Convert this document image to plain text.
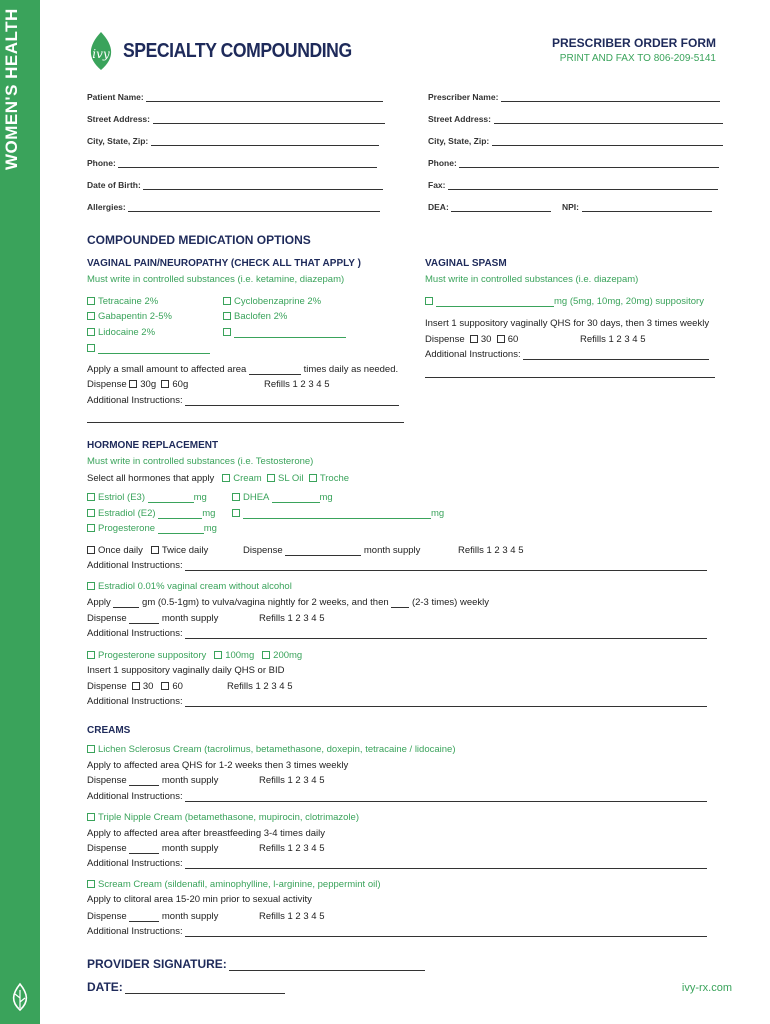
WOMEN'S HEALTH	ivy SPECIALTY COMPOUNDING	PRESCRIBER ORDER FORM
PRINT AND FAX TO 806-209-5141
Patient Name:
Street Address:
City, State, Zip:
Phone:
Date of Birth:
Allergies:
Prescriber Name:
Street Address:
City, State, Zip:
Phone:
Fax:
DEA:	NPI:
COMPOUNDED MEDICATION OPTIONS
VAGINAL PAIN/NEUROPATHY (CHECK ALL THAT APPLY )
Must write in controlled substances (i.e. ketamine, diazepam)
Tetracaine 2%
Gabapentin 2-5%
Lidocaine 2%
Cyclobenzaprine 2%
Baclofen 2%
Apply a small amount to affected area	times daily as needed.
Dispense 30g 60g	Refills 1 2 3 4 5
Additional Instructions:
VAGINAL SPASM
Must write in controlled substances (i.e. diazepam)
mg (5mg, 10mg, 20mg) suppository
Insert 1 suppository vaginally QHS for 30 days, then 3 times weekly
Dispense 30 60	Refills 1 2 3 4 5
Additional Instructions:
HORMONE REPLACEMENT
Must write in controlled substances (i.e. Testosterone)
Select all hormones that apply Cream SL Oil Troche
Estriol (E3)	mg
Estradiol (E2)	mg
Progesterone	mg
DHEA	mg
mg
Once daily Twice daily	Dispense	month supply	Refills 1 2 3 4 5
Additional Instructions:
Estradiol 0.01% vaginal cream without alcohol
Apply	gm (0.5-1gm) to vulva/vagina nightly for 2 weeks, and then (2-3 times) weekly
Dispense	month supply	Refills 1 2 3 4 5
Additional Instructions:
Progesterone suppository 100mg 200mg
Insert 1 suppository vaginally daily QHS or BID
Dispense 30 60	Refills 1 2 3 4 5
Additional Instructions:
CREAMS
Lichen Sclerosus Cream (tacrolimus, betamethasone, doxepin, tetracaine / lidocaine)
Apply to affected area QHS for 1-2 weeks then 3 times weekly
Dispense	month supply	Refills 1 2 3 4 5
Additional Instructions:
Triple Nipple Cream (betamethasone, mupirocin, clotrimazole)
Apply to affected area after breastfeeding 3-4 times daily
Dispense	month supply	Refills 1 2 3 4 5
Additional Instructions:
Scream Cream (sildenafil, aminophylline, l-arginine, peppermint oil)
Apply to clitoral area 15-20 min prior to sexual activity
Dispense	month supply	Refills 1 2 3 4 5
Additional Instructions:
PROVIDER SIGNATURE:
DATE:	ivy-rx.com
